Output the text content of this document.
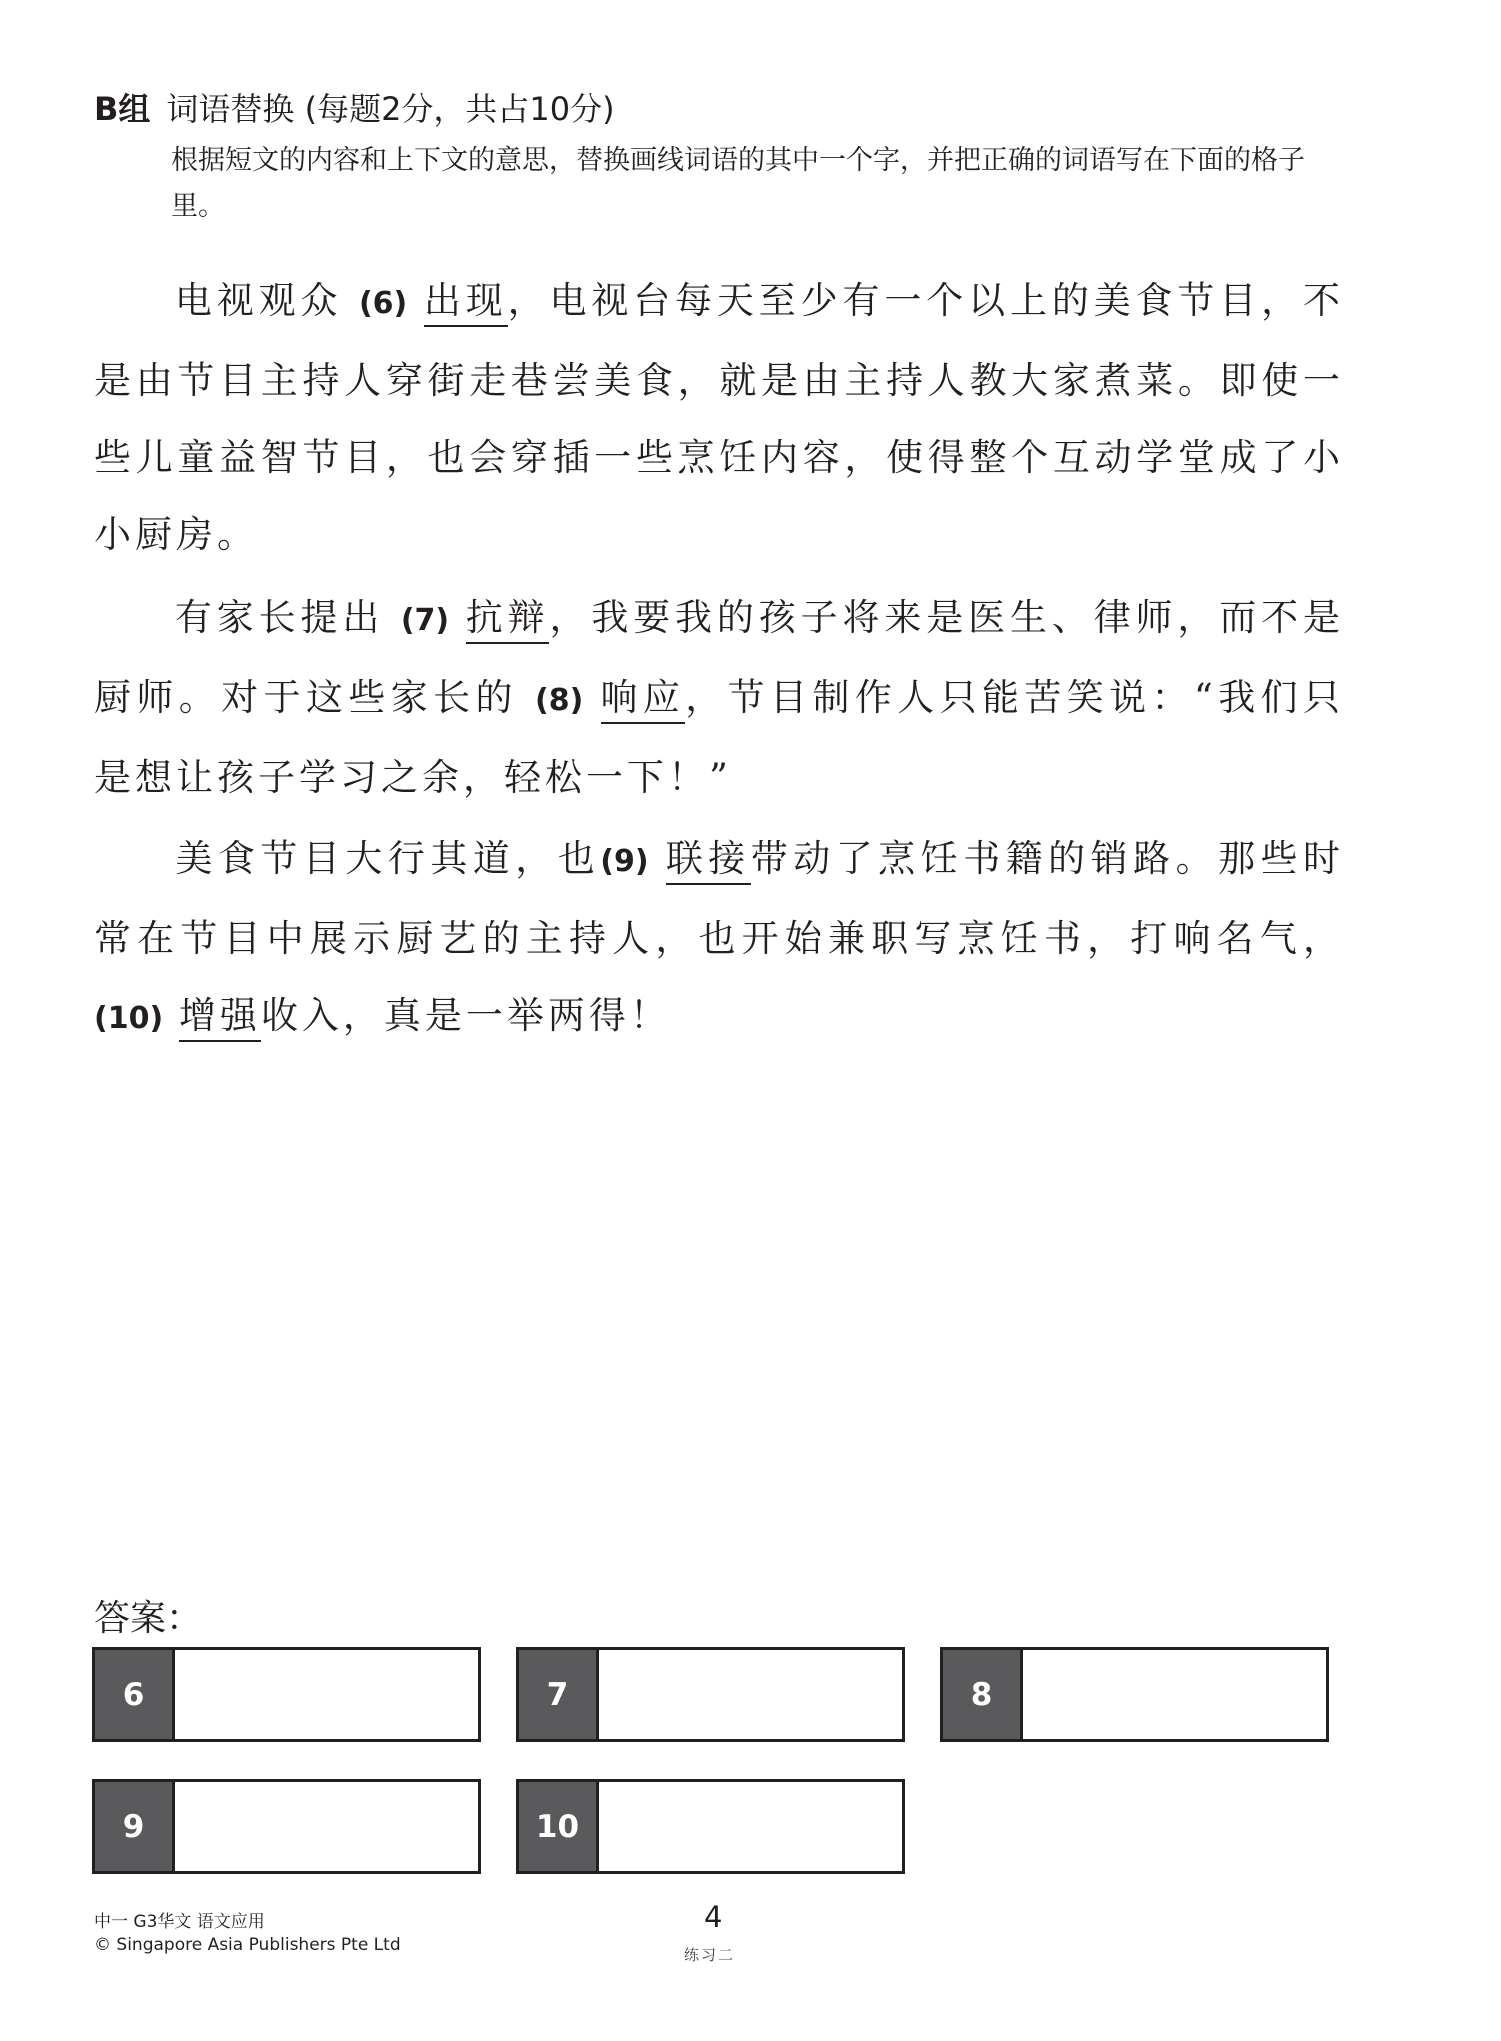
B组 词语替换 (每题2分，共占10分)
根据短文的内容和上下文的意思，替换画线词语的其中一个字，并把正确的词语写在下面的格子里。

电视观众 (6) 出现，电视台每天至少有一个以上的美食节目，不是由节目主持人穿街走巷尝美食，就是由主持人教大家煮菜。即使一些儿童益智节目，也会穿插一些烹饪内容，使得整个互动学堂成了小小厨房。

有家长提出 (7) 抗辩，我要我的孩子将来是医生、律师，而不是厨师。对于这些家长的 (8) 响应，节目制作人只能苦笑说：“我们只是想让孩子学习之余，轻松一下！”

美食节目大行其道，也(9) 联接带动了烹饪书籍的销路。那些时常在节目中展示厨艺的主持人，也开始兼职写烹饪书，打响名气， (10) 增强收入，真是一举两得！

答案：
6	7	8
9	10
中一 G3华文 语文应用
© Singapore Asia Publishers Pte Ltd
4
练习二
